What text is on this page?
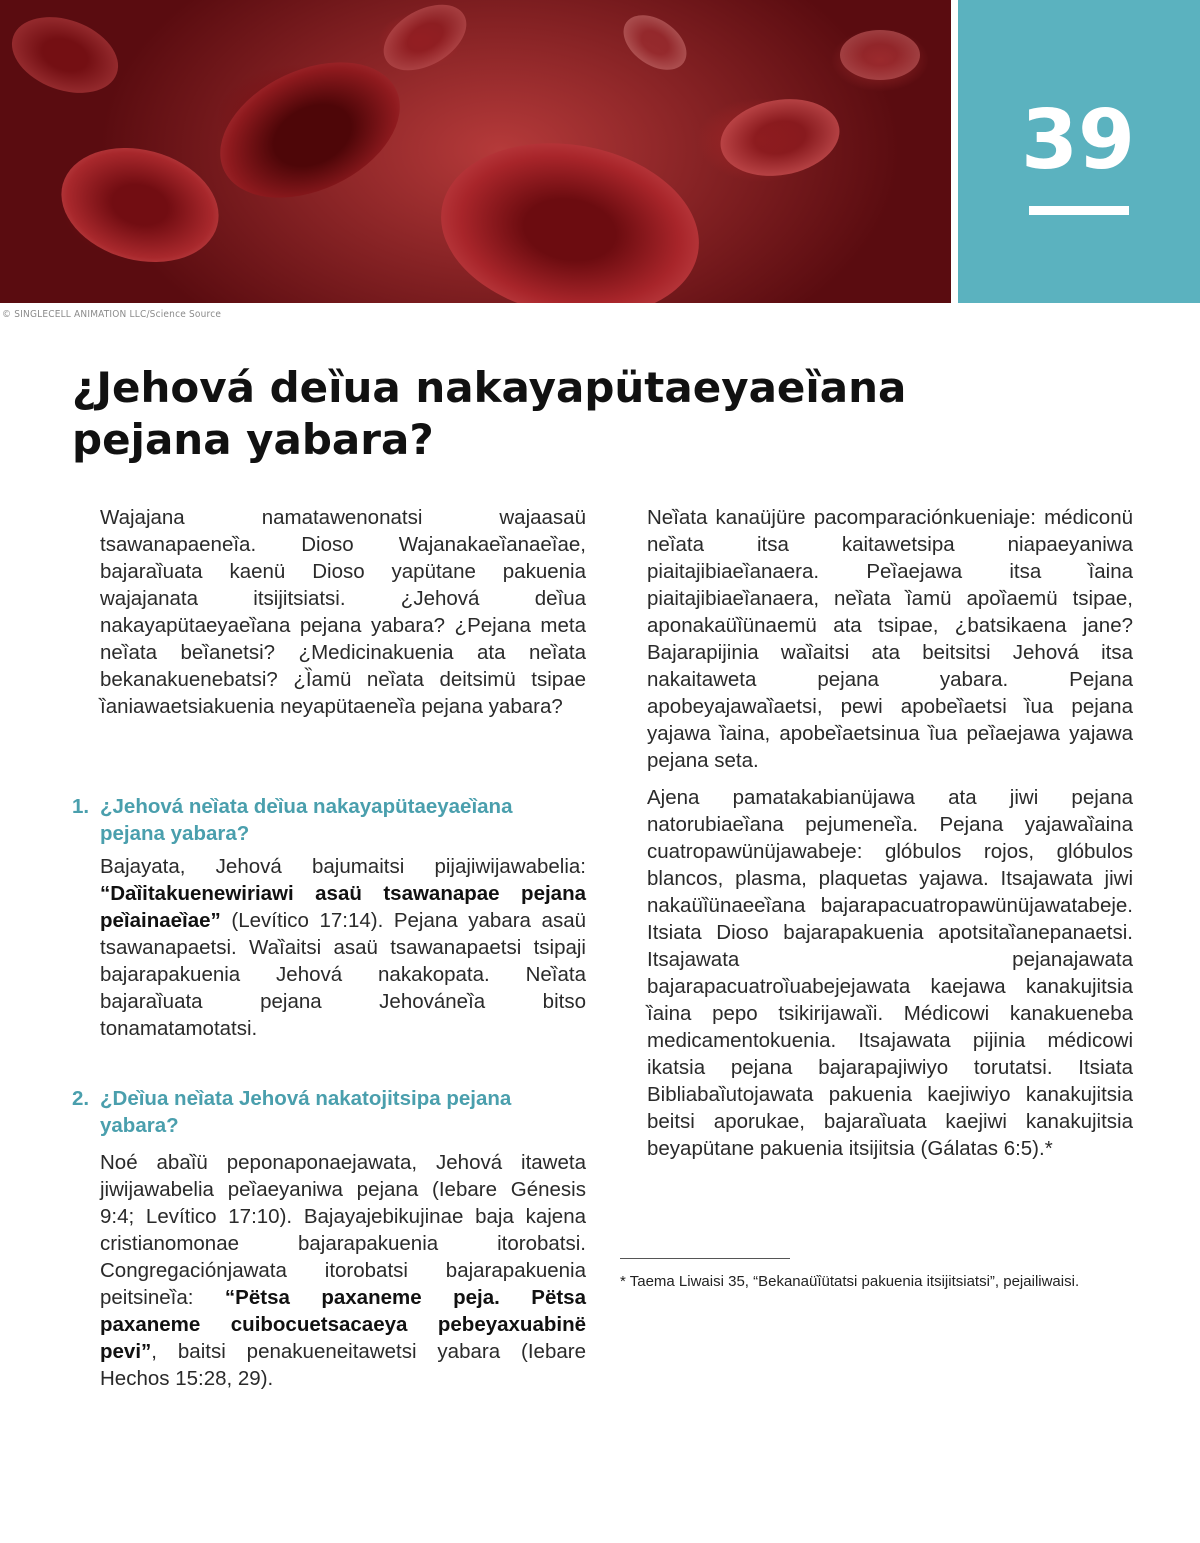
39
© SINGLECELL ANIMATION LLC/Science Source
¿Jehová deȉua nakayapütaeyaeȉana pejana yabara?

Wajajana namatawenonatsi wajaasaü tsawanapaeneȉa. Dioso Wajanakaeȉanaeȉae, bajaraȉuata kaenü Dioso yapütane pakuenia wajajanata itsijitsiatsi. ¿Jehová deȉua nakayapütaeyaeȉana pejana yabara? ¿Pejana meta neȉata beȉanetsi? ¿Medicinakuenia ata neȉata bekanakuenebatsi? ¿Ȉamü neȉata deitsimü tsipae ȉaniawaetsiakuenia neyapütaeneȉa pejana yabara?

1. ¿Jehová neȉata deȉua nakayapütaeyaeȉana pejana yabara?

Bajayata, Jehová bajumaitsi pijajiwijawabelia: “Daȉitakuenewiriawi asaü tsawanapae pejana peȉainaeȉae” (Levítico 17:14). Pejana yabara asaü tsawanapaetsi. Waȉaitsi asaü tsawanapaetsi tsipaji bajarapakuenia Jehová nakakopata. Neȉata bajaraȉuata pejana Jehováneȉa bitso tonamatamotatsi.

2. ¿Deȉua neȉata Jehová nakatojitsipa pejana yabara?

Noé abaȉü peponaponaejawata, Jehová itaweta jiwijawabelia peȉaeyaniwa pejana (Iebare Génesis 9:4; Levítico 17:10). Bajayajebikujinae baja kajena cristianomonae bajarapakuenia itorobatsi. Congregaciónjawata itorobatsi bajarapakuenia peitsineȉa: “Pëtsa paxaneme peja. Pëtsa paxaneme cuibocuetsacaeya pebeyaxuabinë pevi”, baitsi penakueneitawetsi yabara (Iebare Hechos 15:28, 29).

Neȉata kanaüjüre pacomparaciónkueniaje: médiconü neȉata itsa kaitawetsipa niapaeyaniwa piaitajibiaeȉanaera. Peȉaejawa itsa ȉaina piaitajibiaeȉanaera, neȉata ȉamü apoȉaemü tsipae, aponakaüȉünaemü ata tsipae, ¿batsikaena jane? Bajarapijinia waȉaitsi ata beitsitsi Jehová itsa nakaitaweta pejana yabara. Pejana apobeyajawaȉaetsi, pewi apobeȉaetsi ȉua pejana yajawa ȉaina, apobeȉaetsinua ȉua peȉaejawa yajawa pejana seta.

Ajena pamatakabianüjawa ata jiwi pejana natorubiaeȉana pejumeneȉa. Pejana yajawaȉaina cuatropawünüjawabeje: glóbulos rojos, glóbulos blancos, plasma, plaquetas yajawa. Itsajawata jiwi nakaüȉünaeeȉana bajarapacuatropawünüjawatabeje. Itsiata Dioso bajarapakuenia apotsitaȉanepanaetsi. Itsajawata pejanajawata bajarapacuatroȉuabejejawata kaejawa kanakujitsia ȉaina pepo tsikirijawaȉi. Médicowi kanakueneba medicamentokuenia. Itsajawata pijinia médicowi ikatsia pejana bajarapajiwiyo torutatsi. Itsiata Bibliabaȉutojawata pakuenia kaejiwiyo kanakujitsia beitsi aporukae, bajaraȉuata kaejiwi kanakujitsia beyapütane pakuenia itsijitsia (Gálatas 6:5).*

* Taema Liwaisi 35, “Bekanaüȉütatsi pakuenia itsijitsiatsi”, pejailiwaisi.
